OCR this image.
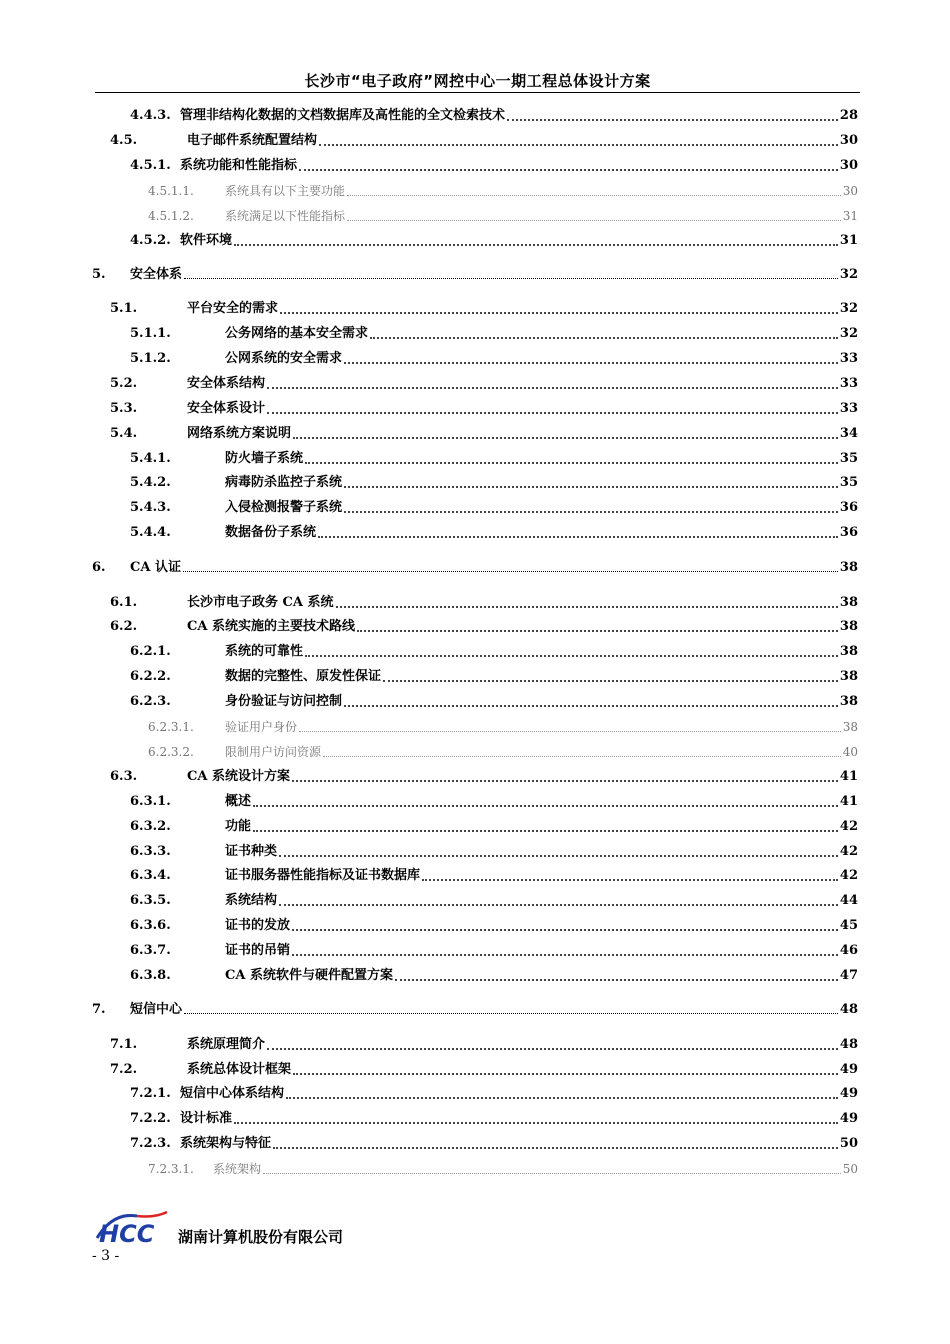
长沙市“电子政府”网控中心一期工程总体设计方案
4.4.3. 管理非结构化数据的文档数据库及高性能的全文检索技术	28
4.5.	电子邮件系统配置结构	30
4.5.1. 系统功能和性能指标	30
4.5.1.1.	系统具有以下主要功能	30
4.5.1.2.	系统满足以下性能指标	31
4.5.2. 软件环境	31
5.	安全体系	32
5.1.	平台安全的需求	32
5.1.1.	公务网络的基本安全需求	32
5.1.2.	公网系统的安全需求	33
5.2.	安全体系结构	33
5.3.	安全体系设计	33
5.4.	网络系统方案说明	34
5.4.1.	防火墙子系统	35
5.4.2.	病毒防杀监控子系统	35
5.4.3.	入侵检测报警子系统	36
5.4.4.	数据备份子系统	36
6.	CA 认证	38
6.1.	长沙市电子政务 CA 系统	38
6.2.	CA 系统实施的主要技术路线	38
6.2.1.	系统的可靠性	38
6.2.2.	数据的完整性、原发性保证	38
6.2.3.	身份验证与访问控制	38
6.2.3.1.	验证用户身份	38
6.2.3.2.	限制用户访问资源	40
6.3.	CA 系统设计方案	41
6.3.1.	概述	41
6.3.2.	功能	42
6.3.3.	证书种类	42
6.3.4.	证书服务器性能指标及证书数据库	42
6.3.5.	系统结构	44
6.3.6.	证书的发放	45
6.3.7.	证书的吊销	46
6.3.8.	CA 系统软件与硬件配置方案	47
7.	短信中心	48
7.1.	系统原理简介	48
7.2.	系统总体设计框架	49
7.2.1. 短信中心体系结构	49
7.2.2. 设计标准	49
7.2.3. 系统架构与特征	50
7.2.3.1.	系统架构	50
HCC 湖南计算机股份有限公司
- 3 -
